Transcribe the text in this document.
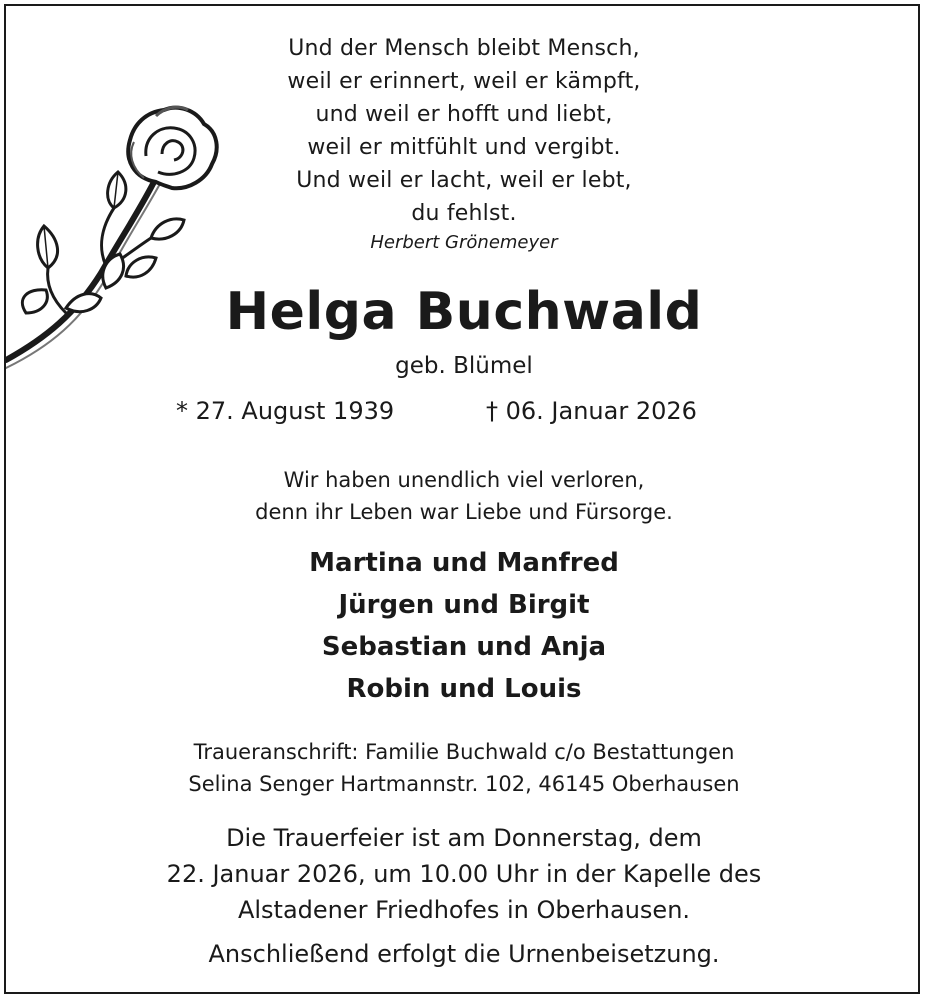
Und der Mensch bleibt Mensch,
weil er erinnert, weil er kämpft,
und weil er hofft und liebt,
weil er mitfühlt und vergibt.
Und weil er lacht, weil er lebt,
du fehlst.
Herbert Grönemeyer
Helga Buchwald
geb. Blümel
* 27. August 1939	† 06. Januar 2026
Wir haben unendlich viel verloren,
denn ihr Leben war Liebe und Fürsorge.
Martina und Manfred
Jürgen und Birgit
Sebastian und Anja
Robin und Louis
Traueranschrift: Familie Buchwald c/o Bestattungen
Selina Senger Hartmannstr. 102, 46145 Oberhausen
Die Trauerfeier ist am Donnerstag, dem
22. Januar 2026, um 10.00 Uhr in der Kapelle des
Alstadener Friedhofes in Oberhausen.
Anschließend erfolgt die Urnenbeisetzung.
